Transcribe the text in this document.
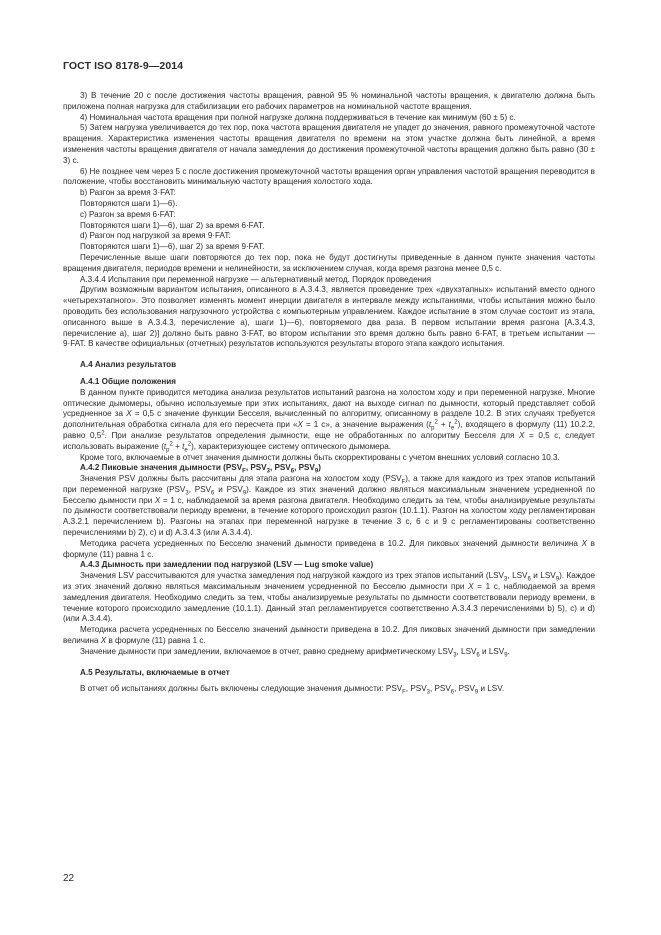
ГОСТ ISO 8178-9—2014

3) В течение 20 с после достижения частоты вращения, равной 95 % номинальной частоты вращения, к двигателю должна быть приложена полная нагрузка для стабилизации его рабочих параметров на номинальной частоте вращения.

4) Номинальная частота вращения при полной нагрузке должна поддерживаться в течение как минимум (60 ± 5) с.

5) Затем нагрузка увеличивается до тех пор, пока частота вращения двигателя не упадет до значения, равного промежуточной частоте вращения. Характеристика изменения частоты вращения двигателя по времени на этом участке должна быть линейной, а время изменения частоты вращения двигателя от начала замедления до достижения промежуточной частоты вращения должно быть равно (30 ± 3) с.

6) Не позднее чем через 5 с после достижения промежуточной частоты вращения орган управления частотой вращения переводится в положение, чтобы восстановить минимальную частоту вращения холостого хода.

b) Разгон за время 3·FAT:

Повторяются шаги 1)—6).

c) Разгон за время 6·FAT:

Повторяются шаги 1)—6), шаг 2) за время 6·FAT.

d) Разгон под нагрузкой за время 9·FAT:

Повторяются шаги 1)—6), шаг 2) за время 9·FAT.

Перечисленные выше шаги повторяются до тех пор, пока не будут достигнуты приведенные в данном пункте значения частоты вращения двигателя, периодов времени и нелинейности, за исключением случая, когда время разгона менее 0,5 с.

А.3.4.4 Испытания при переменной нагрузке — альтернативный метод. Порядок проведения

Другим возможным вариантом испытания, описанного в А.3.4.3, является проведение трех «двухэтапных» испытаний вместо одного «четырехэтапного». Это позволяет изменять момент инерции двигателя в интервале между испытаниями, чтобы испытания можно было проводить без использования нагрузочного устройства с компьютерным управлением. Каждое испытание в этом случае состоит из этапа, описанного выше в А.3.4.3, перечисление а), шаги 1)—6), повторяемого два раза. В первом испытании время разгона [А.3.4.3, перечисление а), шаг 2)] должно быть равно 3·FAT, во втором испытании это время должно быть равно 6·FAT, в третьем испытании — 9·FAT. В качестве официальных (отчетных) результатов используются результаты второго этапа каждого испытания.

А.4 Анализ результатов

А.4.1 Общие положения

В данном пункте приводится методика анализа результатов испытаний разгона на холостом ходу и при переменной нагрузке. Многие оптические дымомеры, обычно используемые при этих испытаниях, дают на выходе сигнал по дымности, который представляет собой усредненное за X = 0,5 с значение функции Бесселя, вычисленный по алгоритму, описанному в разделе 10.2. В этих случаях требуется дополнительная обработка сигнала для его пересчета при «X = 1 с», а значение выражения $(t_p^2 + t_e^2)$, входящего в формулу (11) 10.2.2, равно $0,5^2$. При анализе результатов определения дымности, еще не обработанных по алгоритму Бесселя для X = 0,5 с, следует использовать выражение $(t_p^2 + t_e^2)$, характеризующее систему оптического дымомера.

Кроме того, включаемые в отчет значения дымности должны быть скорректированы с учетом внешних условий согласно 10.3.

А.4.2 Пиковые значения дымности ($PSV_F$, $PSV_3$, $PSV_6$, $PSV_9$)

Значения PSV должны быть рассчитаны для этапа разгона на холостом ходу $(PSV_F)$, а также для каждого из трех этапов испытаний при переменной нагрузке ($PSV_3$, $PSV_6$ и $PSV_9$). Каждое из этих значений должно являться максимальным значением усредненной по Бесселю дымности при X = 1 с, наблюдаемой за время разгона двигателя. Необходимо следить за тем, чтобы анализируемые результаты по дымности соответствовали периоду времени, в течение которого происходил разгон (10.1.1). Разгон на холостом ходу регламентирован А.3.2.1 перечислением b). Разгоны на этапах при переменной нагрузке в течение 3 с, 6 с и 9 с регламентированы соответственно перечислениями b) 2), c) и d) А.3.4.3 (или А.3.4.4).

Методика расчета усредненных по Бесселю значений дымности приведена в 10.2. Для пиковых значений дымности величина X в формуле (11) равна 1 с.

А.4.3 Дымность при замедлении под нагрузкой (LSV — Lug smoke value)

Значения LSV рассчитываются для участка замедления под нагрузкой каждого из трех этапов испытаний ($LSV_3$, $LSV_6$ и $LSV_9$). Каждое из этих значений должно являться максимальным значением усредненной по Бесселю дымности при X = 1 с, наблюдаемой за время замедления двигателя. Необходимо следить за тем, чтобы анализируемые результаты по дымности соответствовали периоду времени, в течение которого происходило замедление (10.1.1). Данный этап регламентируется соответственно А.3.4.3 перечислениями b) 5), c) и d) (или А.3.4.4).

Методика расчета усредненных по Бесселю значений дымности приведена в 10.2. Для пиковых значений дымности при замедлении величина X в формуле (11) равна 1 с.

Значение дымности при замедлении, включаемое в отчет, равно среднему арифметическому $LSV_3$, $LSV_6$ и $LSV_9$.

А.5 Результаты, включаемые в отчет

В отчет об испытаниях должны быть включены следующие значения дымности: $PSV_F$, $PSV_3$, $PSV_6$, $PSV_9$ и LSV.

22
